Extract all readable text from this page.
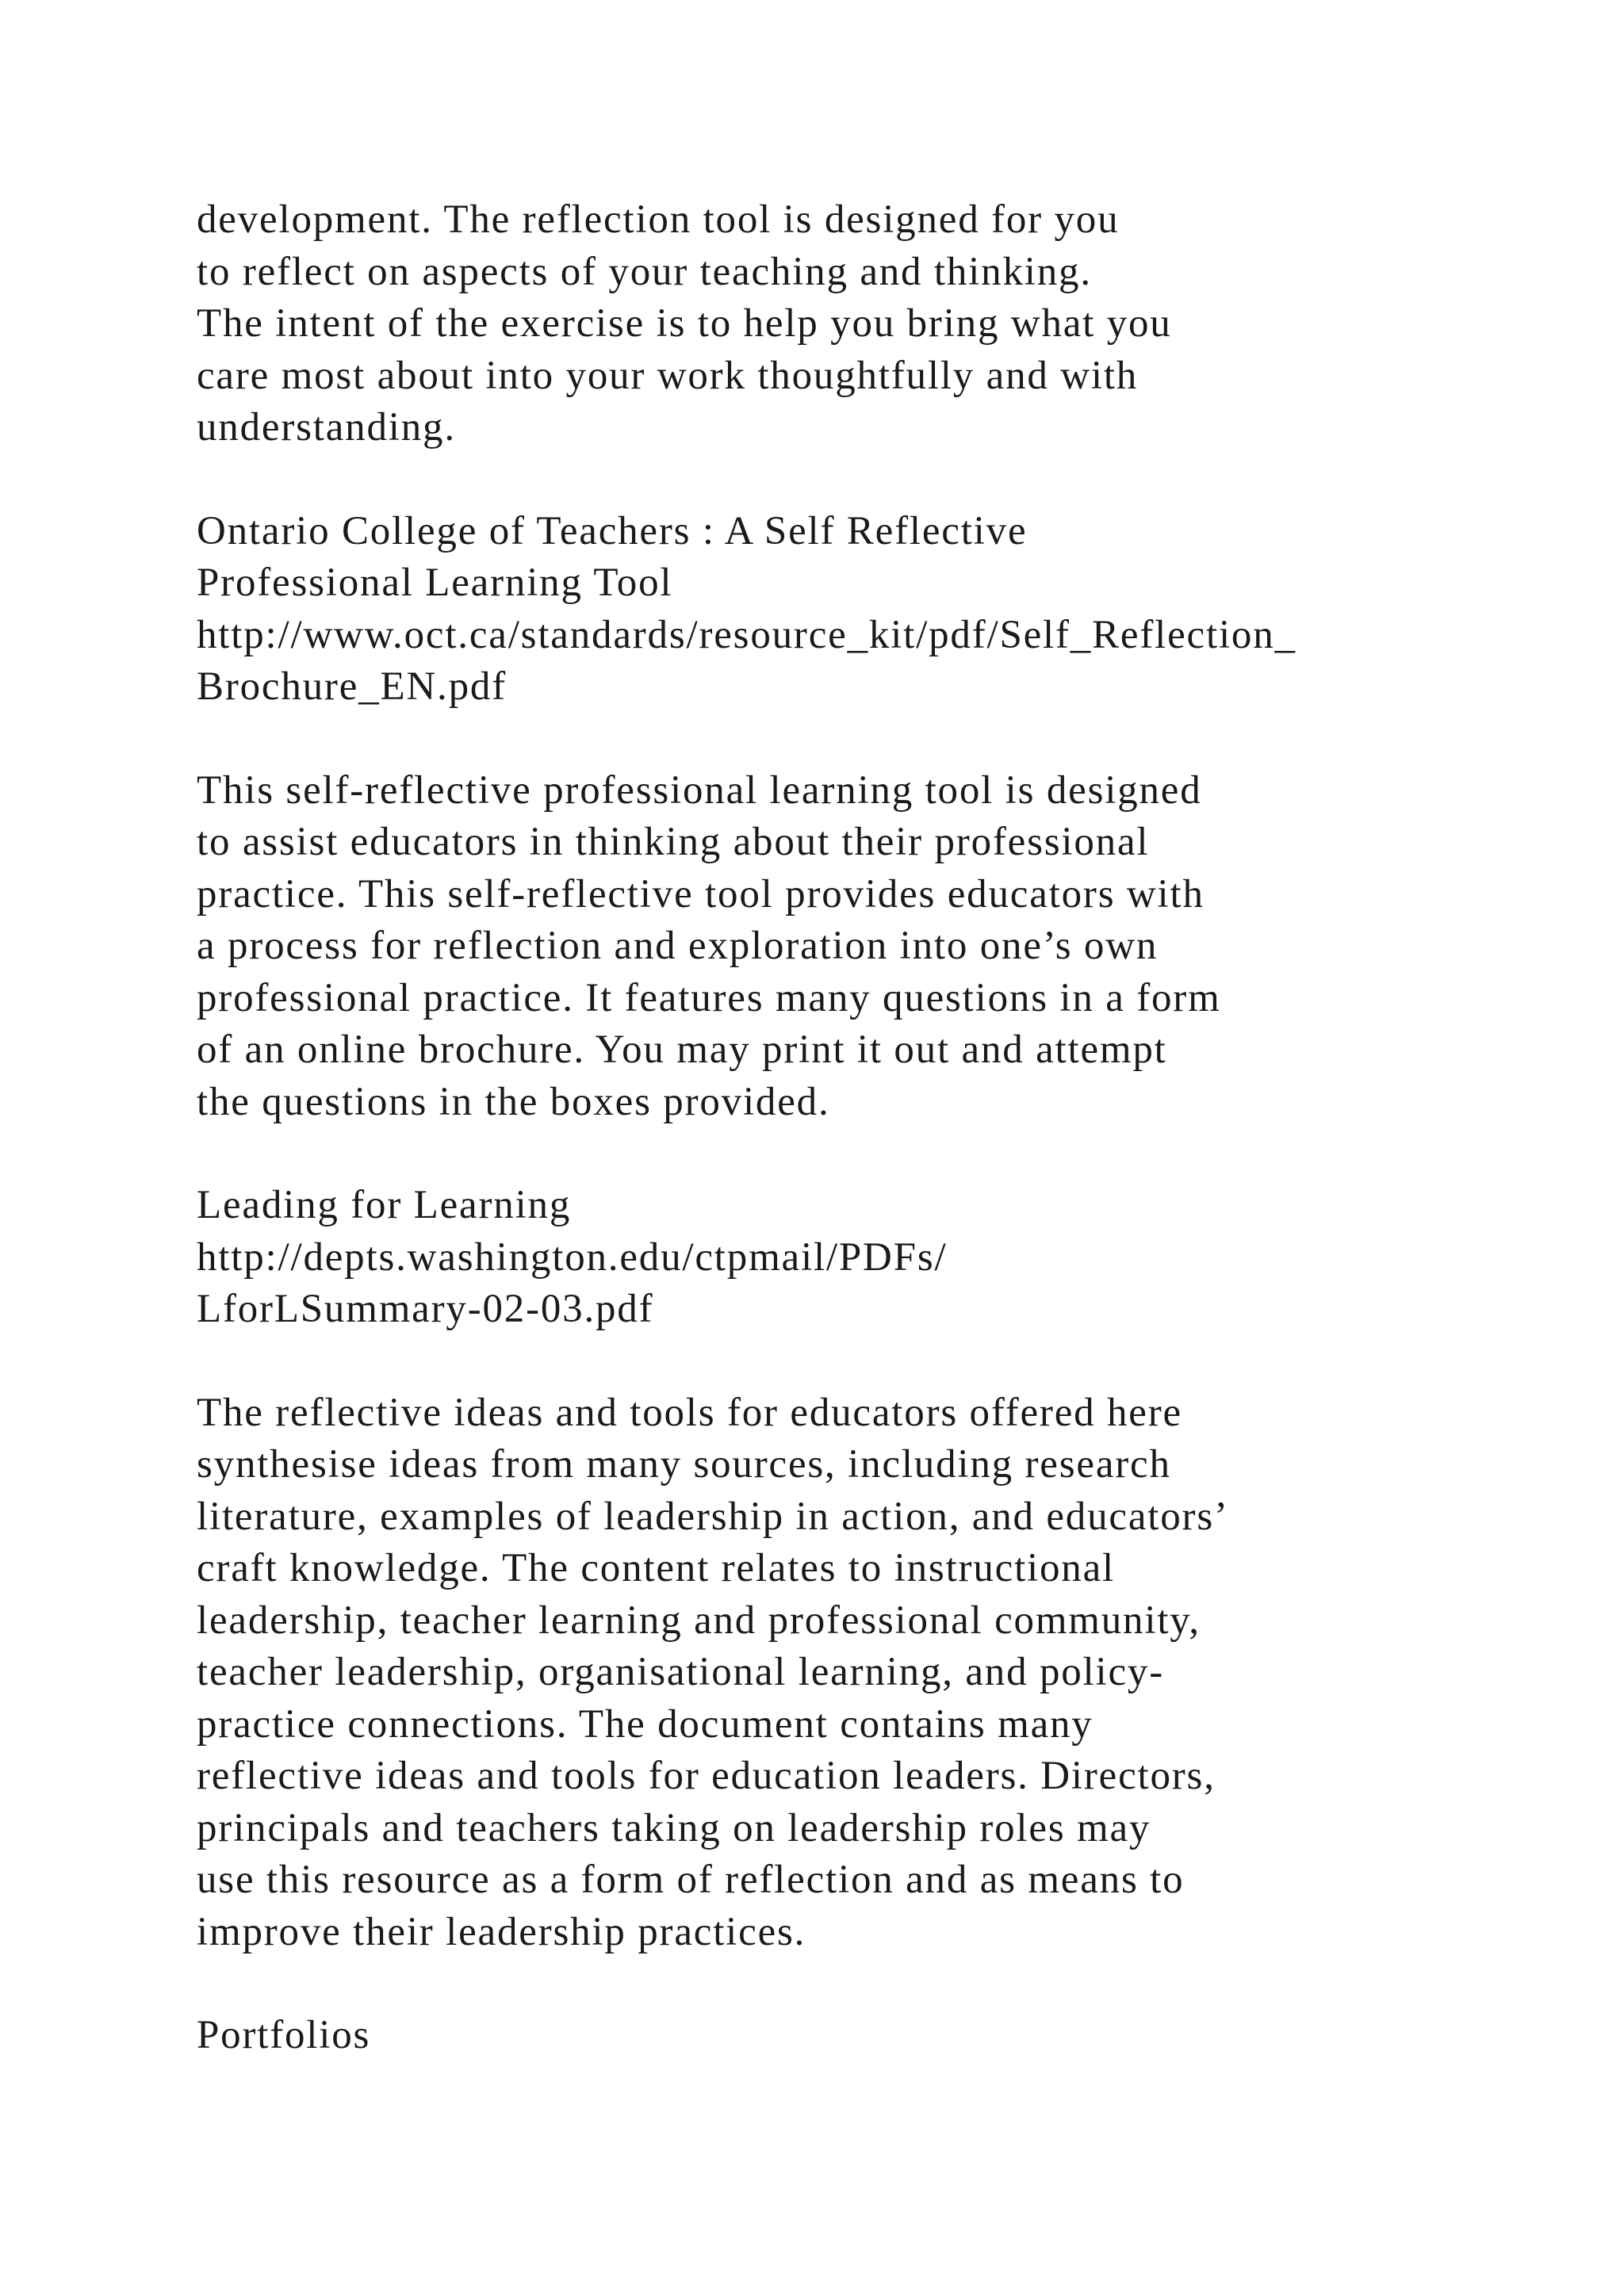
development. The reflection tool is designed for you
to reflect on aspects of your teaching and thinking.
The intent of the exercise is to help you bring what you
care most about into your work thoughtfully and with
understanding.
Ontario College of Teachers : A Self Reflective
Professional Learning Tool
http://www.oct.ca/standards/resource_kit/pdf/Self_Reflection_
Brochure_EN.pdf
This self-reflective professional learning tool is designed
to assist educators in thinking about their professional
practice. This self-reflective tool provides educators with
a process for reflection and exploration into one’s own
professional practice. It features many questions in a form
of an online brochure. You may print it out and attempt
the questions in the boxes provided.
Leading for Learning
http://depts.washington.edu/ctpmail/PDFs/
LforLSummary-02-03.pdf
The reflective ideas and tools for educators offered here
synthesise ideas from many sources, including research
literature, examples of leadership in action, and educators’
craft knowledge. The content relates to instructional
leadership, teacher learning and professional community,
teacher leadership, organisational learning, and policy-
practice connections. The document contains many
reflective ideas and tools for education leaders. Directors,
principals and teachers taking on leadership roles may
use this resource as a form of reflection and as means to
improve their leadership practices.
Portfolios
